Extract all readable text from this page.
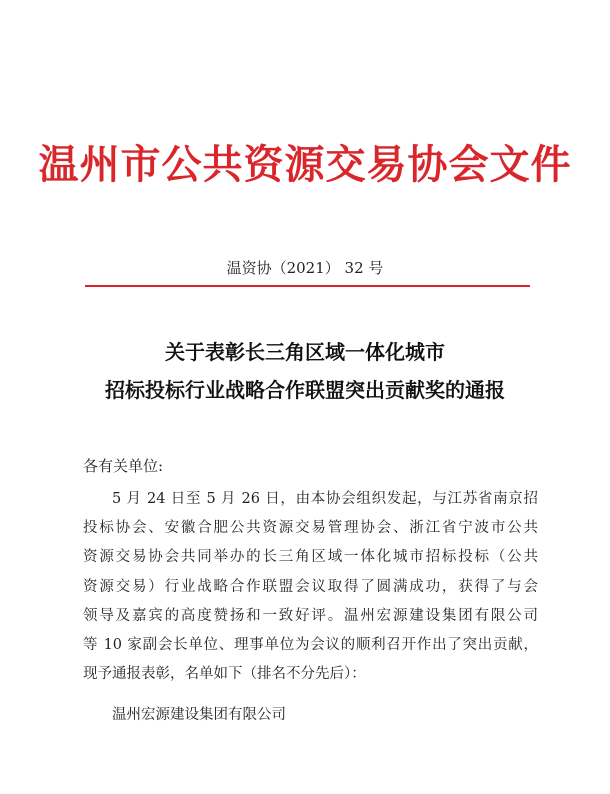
温州市公共资源交易协会文件
温资协（2021） 32 号
关于表彰长三角区域一体化城市
招标投标行业战略合作联盟突出贡献奖的通报
各有关单位:
5 月 24 日至 5 月 26 日，由本协会组织发起，与江苏省南京招
投标协会、安徽合肥公共资源交易管理协会、浙江省宁波市公共
资源交易协会共同举办的长三角区域一体化城市招标投标（公共
资源交易）行业战略合作联盟会议取得了圆满成功，获得了与会
领导及嘉宾的高度赞扬和一致好评。温州宏源建设集团有限公司
等 10 家副会长单位、理事单位为会议的顺利召开作出了突出贡献，
现予通报表彰，名单如下（排名不分先后）：
温州宏源建设集团有限公司
